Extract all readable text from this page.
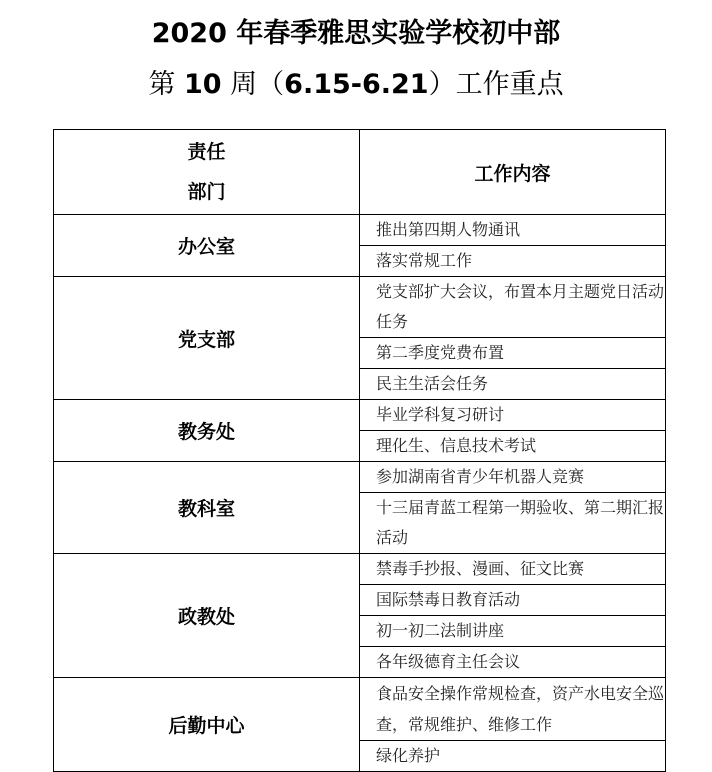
2020 年春季雅思实验学校初中部
第 10 周（6.15-6.21）工作重点
责任
部门	工作内容
办公室	推出第四期人物通讯
	落实常规工作
党支部	党支部扩大会议，布置本月主题党日活动任务
	第二季度党费布置
	民主生活会任务
教务处	毕业学科复习研讨
	理化生、信息技术考试
教科室	参加湖南省青少年机器人竞赛
	十三届青蓝工程第一期验收、第二期汇报活动
政教处	禁毒手抄报、漫画、征文比赛
	国际禁毒日教育活动
	初一初二法制讲座
	各年级德育主任会议
后勤中心	食品安全操作常规检查，资产水电安全巡查，常规维护、维修工作
	绿化养护
